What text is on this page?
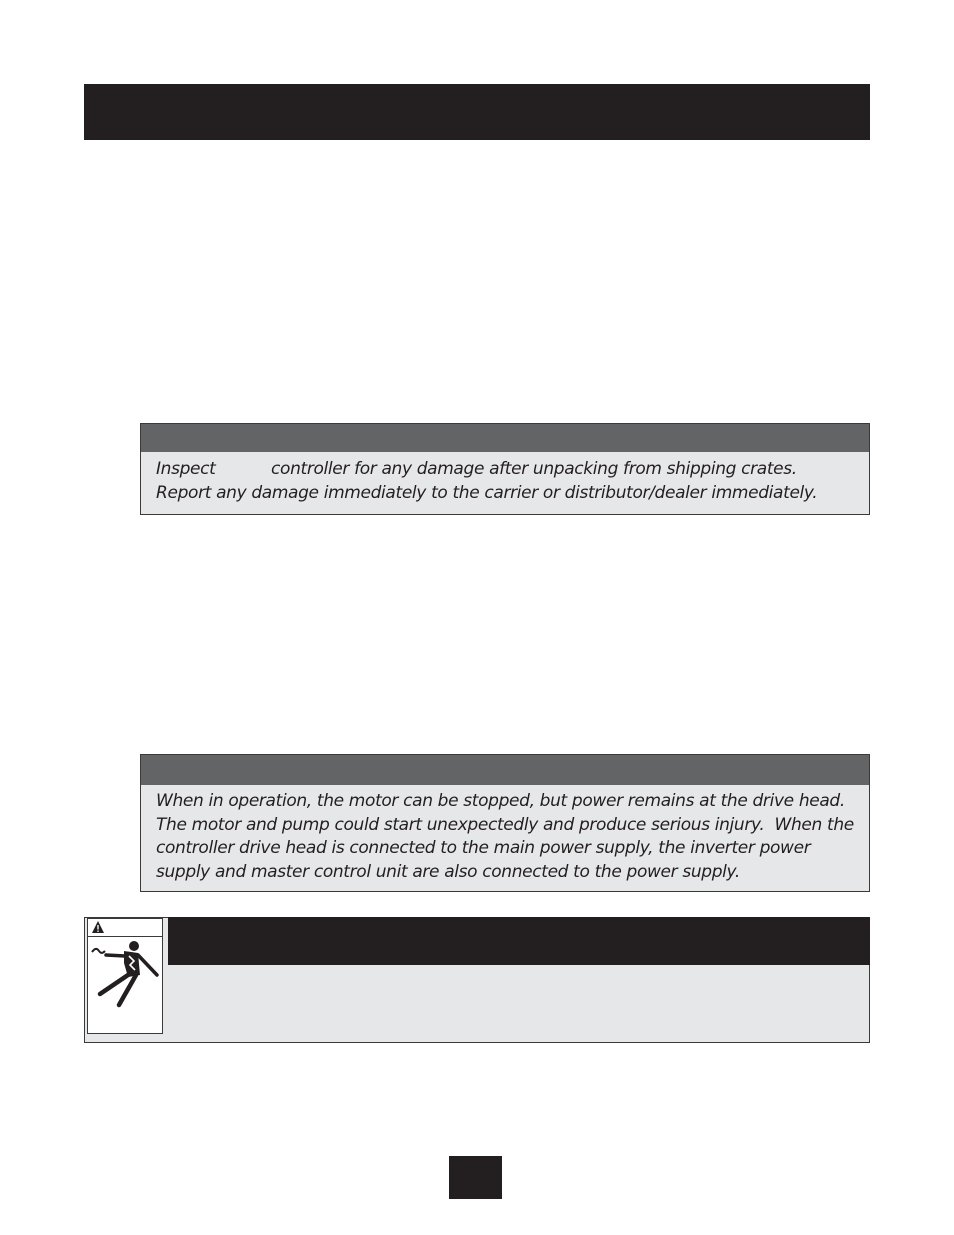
Inspect           controller for any damage after unpacking from shipping crates.
Report any damage immediately to the carrier or distributor/dealer immediately.
When in operation, the motor can be stopped, but power remains at the drive head. The motor and pump could start unexpectedly and produce serious injury.  When the controller drive head is connected to the main power supply, the inverter power supply and master control unit are also connected to the power supply.
